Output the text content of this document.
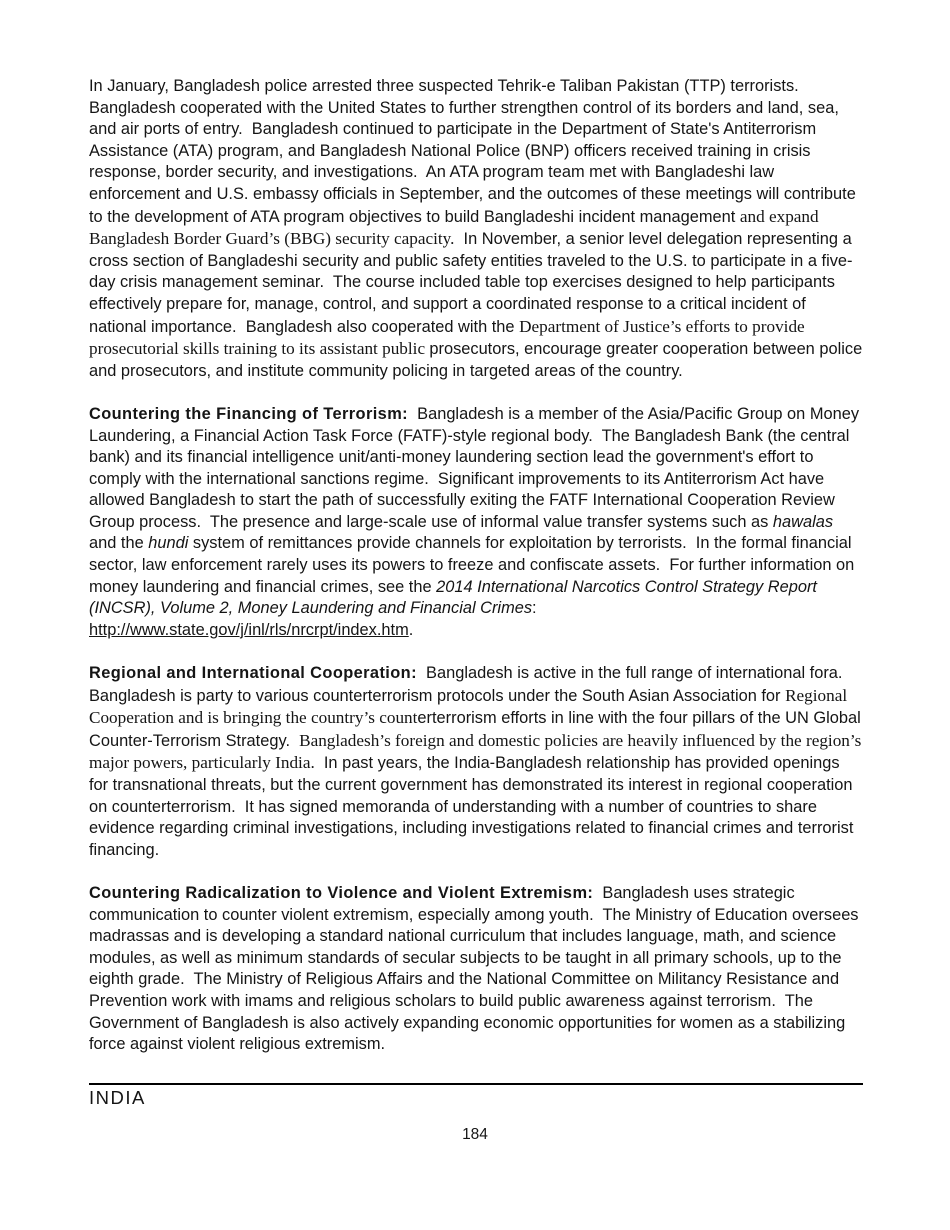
In January, Bangladesh police arrested three suspected Tehrik-e Taliban Pakistan (TTP) terrorists.  Bangladesh cooperated with the United States to further strengthen control of its borders and land, sea, and air ports of entry.  Bangladesh continued to participate in the Department of State's Antiterrorism Assistance (ATA) program, and Bangladesh National Police (BNP) officers received training in crisis response, border security, and investigations.  An ATA program team met with Bangladeshi law enforcement and U.S. embassy officials in September, and the outcomes of these meetings will contribute to the development of ATA program objectives to build Bangladeshi incident management and expand Bangladesh Border Guard’s (BBG) security capacity.  In November, a senior level delegation representing a cross section of Bangladeshi security and public safety entities traveled to the U.S. to participate in a five-day crisis management seminar.  The course included table top exercises designed to help participants effectively prepare for, manage, control, and support a coordinated response to a critical incident of national importance.  Bangladesh also cooperated with the Department of Justice’s efforts to provide prosecutorial skills training to its assistant public prosecutors, encourage greater cooperation between police and prosecutors, and institute community policing in targeted areas of the country.

Countering the Financing of Terrorism:  Bangladesh is a member of the Asia/Pacific Group on Money Laundering, a Financial Action Task Force (FATF)-style regional body.  The Bangladesh Bank (the central bank) and its financial intelligence unit/anti-money laundering section lead the government's effort to comply with the international sanctions regime.  Significant improvements to its Antiterrorism Act have allowed Bangladesh to start the path of successfully exiting the FATF International Cooperation Review Group process.  The presence and large-scale use of informal value transfer systems such as hawalas and the hundi system of remittances provide channels for exploitation by terrorists.  In the formal financial sector, law enforcement rarely uses its powers to freeze and confiscate assets.  For further information on money laundering and financial crimes, see the 2014 International Narcotics Control Strategy Report (INCSR), Volume 2, Money Laundering and Financial Crimes: http://www.state.gov/j/inl/rls/nrcrpt/index.htm.

Regional and International Cooperation:  Bangladesh is active in the full range of international fora.  Bangladesh is party to various counterterrorism protocols under the South Asian Association for Regional Cooperation and is bringing the country’s counterterrorism efforts in line with the four pillars of the UN Global Counter-Terrorism Strategy.  Bangladesh’s foreign and domestic policies are heavily influenced by the region’s major powers, particularly India.  In past years, the India-Bangladesh relationship has provided openings for transnational threats, but the current government has demonstrated its interest in regional cooperation on counterterrorism.  It has signed memoranda of understanding with a number of countries to share evidence regarding criminal investigations, including investigations related to financial crimes and terrorist financing.

Countering Radicalization to Violence and Violent Extremism:  Bangladesh uses strategic communication to counter violent extremism, especially among youth.  The Ministry of Education oversees madrassas and is developing a standard national curriculum that includes language, math, and science modules, as well as minimum standards of secular subjects to be taught in all primary schools, up to the eighth grade.  The Ministry of Religious Affairs and the National Committee on Militancy Resistance and Prevention work with imams and religious scholars to build public awareness against terrorism.  The Government of Bangladesh is also actively expanding economic opportunities for women as a stabilizing force against violent religious extremism.

INDIA
184
